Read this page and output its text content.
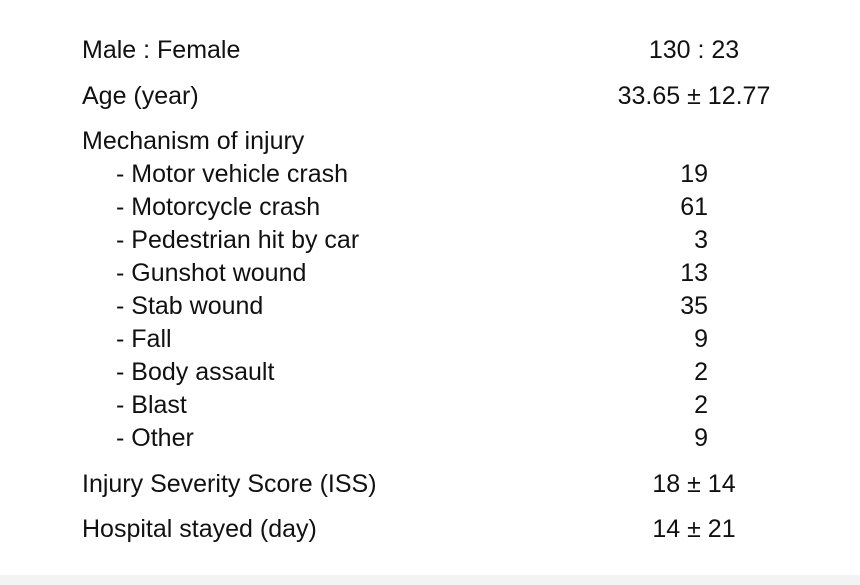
Male : Female	130 : 23
Age (year)	33.65 ± 12.77
Mechanism of injury
- Motor vehicle crash	19
- Motorcycle crash	61
- Pedestrian hit by car	3
- Gunshot wound	13
- Stab wound	35
- Fall	9
- Body assault	2
- Blast	2
- Other	9
Injury Severity Score (ISS)	18 ± 14
Hospital stayed (day)	14 ± 21
